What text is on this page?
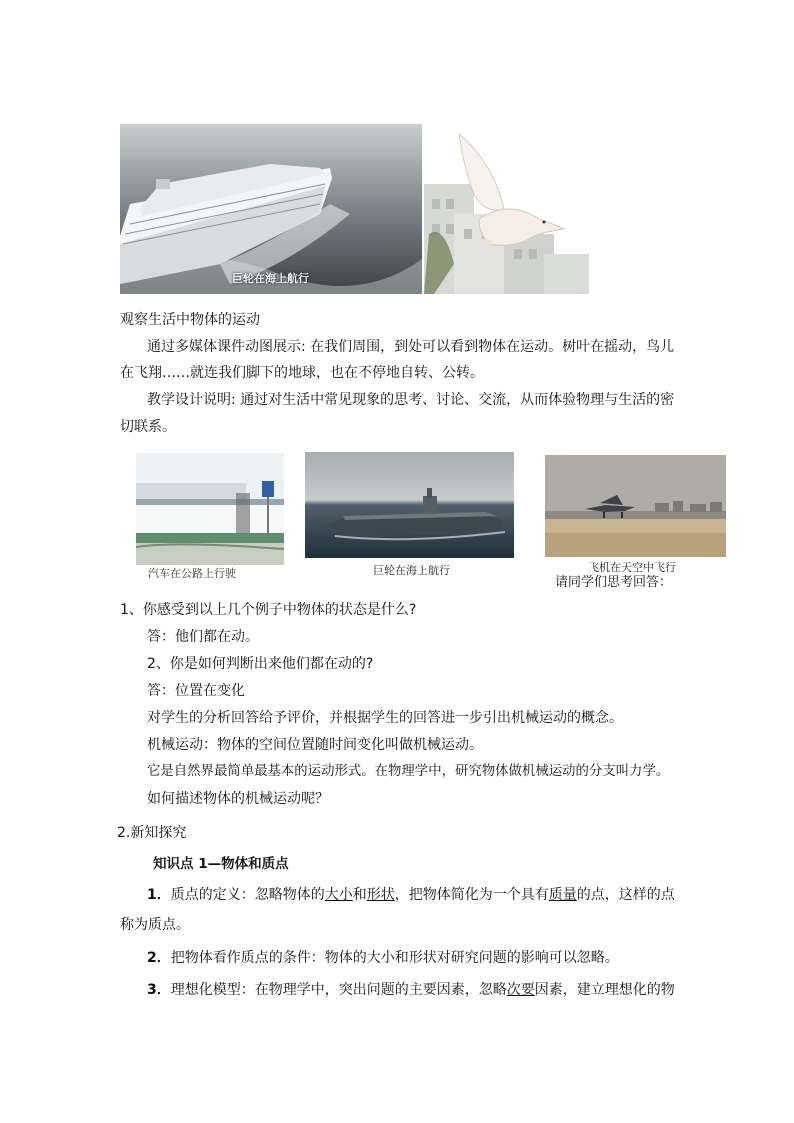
巨轮在海上航行
观察生活中物体的运动
通过多媒体课件动图展示: 在我们周围，到处可以看到物体在运动。树叶在摇动，鸟儿
在飞翔……就连我们脚下的地球，也在不停地自转、公转。
教学设计说明: 通过对生活中常见现象的思考、讨论、交流，从而体验物理与生活的密
切联系。
汽车在公路上行驶	巨轮在海上航行	飞机在天空中飞行
请同学们思考回答：
1、你感受到以上几个例子中物体的状态是什么?
答：他们都在动。
2、你是如何判断出来他们都在动的?
答：位置在变化
对学生的分析回答给予评价，并根据学生的回答进一步引出机械运动的概念。
机械运动：物体的空间位置随时间变化叫做机械运动。
它是自然界最简单最基本的运动形式。在物理学中，研究物体做机械运动的分支叫力学。
如何描述物体的机械运动呢？
2.新知探究
知识点 1—物体和质点
1．质点的定义：忽略物体的大小和形状，把物体简化为一个具有质量的点，这样的点
称为质点。
2．把物体看作质点的条件：物体的大小和形状对研究问题的影响可以忽略。
3．理想化模型：在物理学中，突出问题的主要因素，忽略次要因素，建立理想化的物
